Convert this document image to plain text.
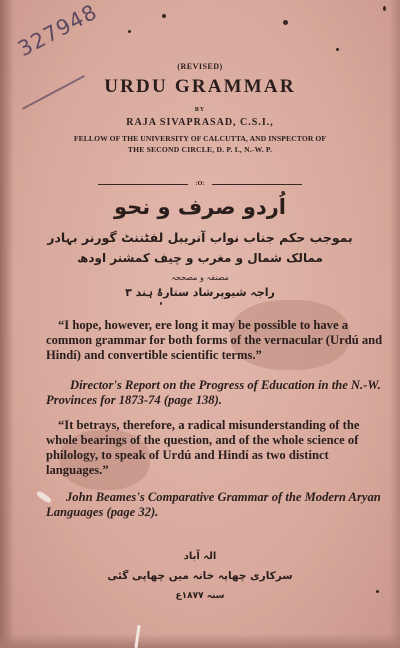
327948
(REVISED)
URDU GRAMMAR
BY
RAJA SIVAPRASAD, C.S.I.,
FELLOW OF THE UNIVERSITY OF CALCUTTA, AND INSPECTOR OF
THE SECOND CIRCLE, D. P. I., N.-W. P.
:O:
اُردو صرف و نحو
بموجب حکم جناب نواب آنریبل لفٹننٹ گورنر بہادر
ممالک شمال و مغرب و چیف کمشنر اودھ
مصنفہ و مصححہ
راجہ شیوپرشاد ستارۂ ہند ۳
“I hope, however, ere long it may be possible to have a common grammar for both forms of the vernacular (Urdú and Hindí) and convertible scientific terms.”
Director's Report on the Progress of Education in the N.-W. Provinces for 1873-74 (page 138).
“It betrays, therefore, a radical misunderstanding of the whole bearings of the question, and of the whole science of philology, to speak of Urdú and Hindí as two distinct languages.”
John Beames's Comparative Grammar of the Modern Aryan Languages (page 32).
الہ آباد
سرکاری چھاپہ خانہ میں چھاپی گئی
سنہ ۱۸۷۷ع
